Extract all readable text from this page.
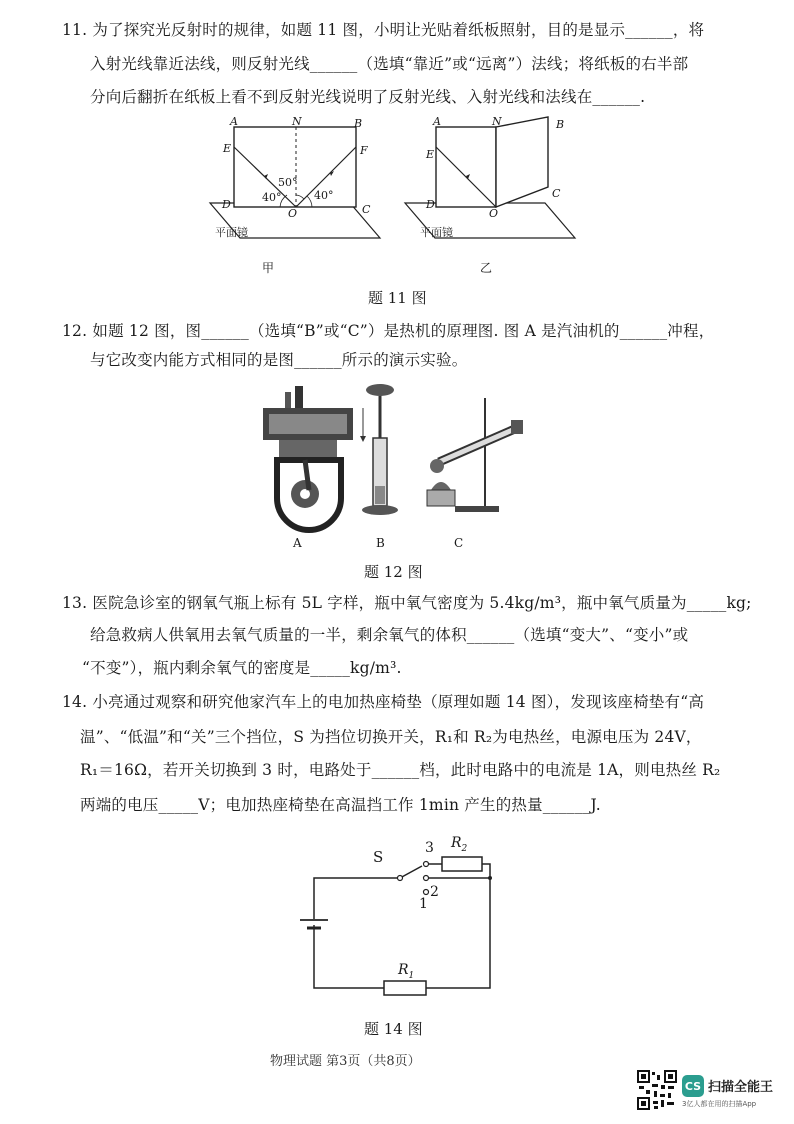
11. 为了探究光反射时的规律，如题 11 图，小明让光贴着纸板照射，目的是显示______，将
入射光线靠近法线，则反射光线______（选填“靠近”或“远离”）法线；将纸板的右半部
分向后翻折在纸板上看不到反射光线说明了反射光线、入射光线和法线在______.
A	N	B
E	F
D
O	C
40°
50°
40°
平面镜
甲
A	N	B
E
D
O
C
平面镜
乙
题 11 图
12. 如题 12 图，图______（选填“B”或“C”）是热机的原理图. 图 A 是汽油机的______冲程，
与它改变内能方式相同的是图______所示的演示实验。
A	B	C
题 12 图
13. 医院急诊室的钢氧气瓶上标有 5L 字样，瓶中氧气密度为 5.4kg/m³，瓶中氧气质量为_____kg;
给急救病人供氧用去氧气质量的一半，剩余氧气的体积______（选填“变大”、“变小”或
“不变”），瓶内剩余氧气的密度是_____kg/m³.
14. 小亮通过观察和研究他家汽车上的电加热座椅垫（原理如题 14 图），发现该座椅垫有“高
温”、“低温”和“关”三个挡位，S 为挡位切换开关，R₁和 R₂为电热丝，电源电压为 24V，
R₁＝16Ω，若开关切换到 3 时，电路处于______档，此时电路中的电流是 1A，则电热丝 R₂
两端的电压_____V；电加热座椅垫在高温挡工作 1min 产生的热量______J.
S	3
2
1
$R_2$
$R_1$
题 14 图
物理试题 第3页（共8页）
CS 扫描全能王
3亿人都在用的扫描App
